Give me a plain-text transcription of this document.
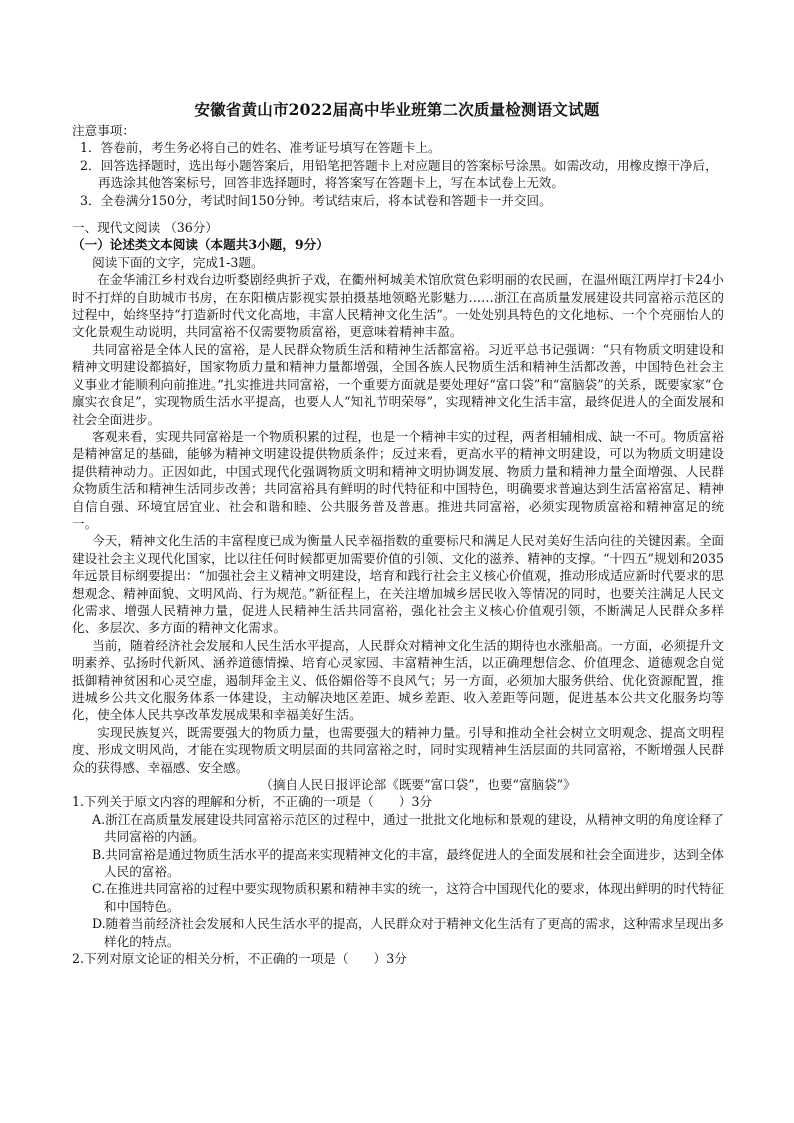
安徽省黄山市2022届高中毕业班第二次质量检测语文试题

注意事项：

1．答卷前，考生务必将自己的姓名、准考证号填写在答题卡上。

2．回答选择题时，选出每小题答案后，用铅笔把答题卡上对应题目的答案标号涂黑。如需改动，用橡皮擦干净后，再选涂其他答案标号，回答非选择题时，将答案写在答题卡上，写在本试卷上无效。

3．全卷满分150分，考试时间150分钟。考试结束后，将本试卷和答题卡一并交回。

一、现代文阅读 （36分）

（一）论述类文本阅读（本题共3小题，9分）

阅读下面的文字，完成1-3题。

在金华浦江乡村戏台边听婺剧经典折子戏，在衢州柯城美术馆欣赏色彩明丽的农民画，在温州瓯江两岸打卡24小时不打烊的自助城市书房，在东阳横店影视实景拍摄基地领略光影魅力……浙江在高质量发展建设共同富裕示范区的过程中，始终坚持“打造新时代文化高地，丰富人民精神文化生活”。一处处别具特色的文化地标、一个个亮丽怡人的文化景观生动说明，共同富裕不仅需要物质富裕，更意味着精神丰盈。

共同富裕是全体人民的富裕，是人民群众物质生活和精神生活都富裕。习近平总书记强调：“只有物质文明建设和精神文明建设都搞好，国家物质力量和精神力量都增强，全国各族人民物质生活和精神生活都改善，中国特色社会主义事业才能顺利向前推进。”扎实推进共同富裕，一个重要方面就是要处理好“富口袋”和“富脑袋”的关系，既要家家“仓廪实衣食足”，实现物质生活水平提高，也要人人“知礼节明荣辱”，实现精神文化生活丰富，最终促进人的全面发展和社会全面进步。

客观来看，实现共同富裕是一个物质积累的过程，也是一个精神丰实的过程，两者相辅相成、缺一不可。物质富裕是精神富足的基础，能够为精神文明建设提供物质条件；反过来看，更高水平的精神文明建设，可以为物质文明建设提供精神动力。正因如此，中国式现代化强调物质文明和精神文明协调发展、物质力量和精神力量全面增强、人民群众物质生活和精神生活同步改善；共同富裕具有鲜明的时代特征和中国特色，明确要求普遍达到生活富裕富足、精神自信自强、环境宜居宜业、社会和谐和睦、公共服务普及普惠。推进共同富裕，必须实现物质富裕和精神富足的统一。

今天，精神文化生活的丰富程度已成为衡量人民幸福指数的重要标尺和满足人民对美好生活向往的关键因素。全面建设社会主义现代化国家，比以往任何时候都更加需要价值的引领、文化的滋养、精神的支撑。“十四五”规划和2035年远景目标纲要提出：“加强社会主义精神文明建设，培育和践行社会主义核心价值观，推动形成适应新时代要求的思想观念、精神面貌、文明风尚、行为规范。”新征程上，在关注增加城乡居民收入等情况的同时，也要关注满足人民文化需求、增强人民精神力量，促进人民精神生活共同富裕，强化社会主义核心价值观引领，不断满足人民群众多样化、多层次、多方面的精神文化需求。

当前，随着经济社会发展和人民生活水平提高，人民群众对精神文化生活的期待也水涨船高。一方面，必须提升文明素养、弘扬时代新风、涵养道德情操、培育心灵家园、丰富精神生活，以正确理想信念、价值理念、道德观念自觉抵御精神贫困和心灵空虚，遏制拜金主义、低俗媚俗等不良风气；另一方面，必须加大服务供给、优化资源配置，推进城乡公共文化服务体系一体建设，主动解决地区差距、城乡差距、收入差距等问题，促进基本公共文化服务均等化，使全体人民共享改革发展成果和幸福美好生活。

实现民族复兴，既需要强大的物质力量，也需要强大的精神力量。引导和推动全社会树立文明观念、提高文明程度、形成文明风尚，才能在实现物质文明层面的共同富裕之时，同时实现精神生活层面的共同富裕，不断增强人民群众的获得感、幸福感、安全感。

（摘自人民日报评论部《既要“富口袋”，也要“富脑袋”》

1.下列关于原文内容的理解和分析，不正确的一项是（　　）3分

A.浙江在高质量发展建设共同富裕示范区的过程中，通过一批批文化地标和景观的建设，从精神文明的角度诠释了共同富裕的内涵。

B.共同富裕是通过物质生活水平的提高来实现精神文化的丰富，最终促进人的全面发展和社会全面进步，达到全体人民的富裕。

C.在推进共同富裕的过程中要实现物质积累和精神丰实的统一，这符合中国现代化的要求，体现出鲜明的时代特征和中国特色。

D.随着当前经济社会发展和人民生活水平的提高，人民群众对于精神文化生活有了更高的需求，这种需求呈现出多样化的特点。

2.下列对原文论证的相关分析，不正确的一项是（　　）3分
